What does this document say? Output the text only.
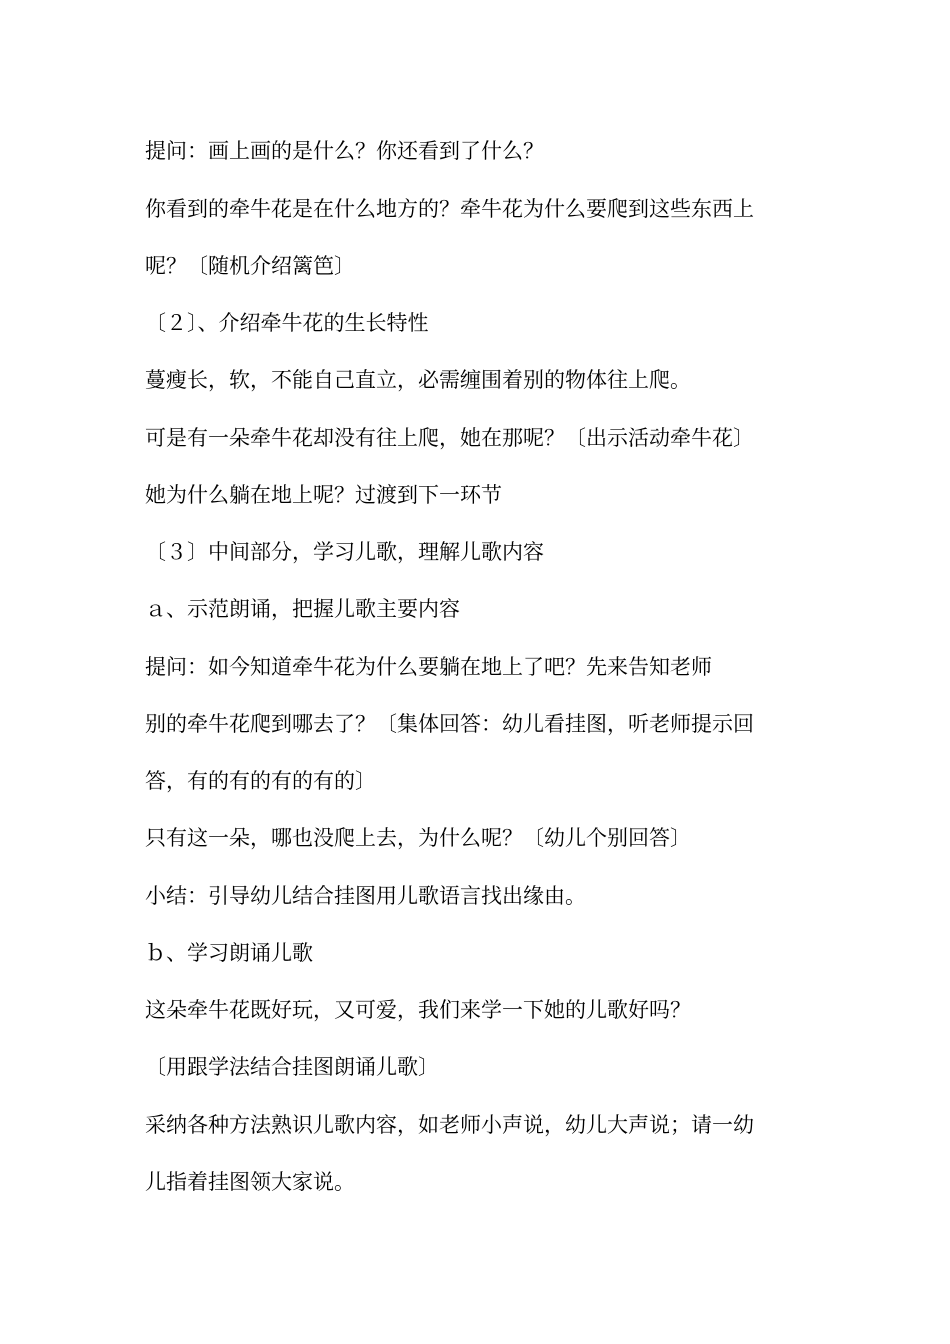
提问：画上画的是什么？你还看到了什么？
你看到的牵牛花是在什么地方的？牵牛花为什么要爬到这些东西上
呢？〔随机介绍篱笆〕
〔２〕、介绍牵牛花的生长特性
蔓瘦长，软，不能自己直立，必需缠围着别的物体往上爬。
可是有一朵牵牛花却没有往上爬，她在那呢？〔出示活动牵牛花〕
她为什么躺在地上呢？过渡到下一环节
〔３〕中间部分，学习儿歌，理解儿歌内容
ａ、示范朗诵，把握儿歌主要内容
提问：如今知道牵牛花为什么要躺在地上了吧？先来告知老师
别的牵牛花爬到哪去了？〔集体回答：幼儿看挂图，听老师提示回
答，有的有的有的有的〕
只有这一朵，哪也没爬上去，为什么呢？〔幼儿个别回答〕
小结：引导幼儿结合挂图用儿歌语言找出缘由。
ｂ、学习朗诵儿歌
这朵牵牛花既好玩，又可爱，我们来学一下她的儿歌好吗？
〔用跟学法结合挂图朗诵儿歌〕
采纳各种方法熟识儿歌内容，如老师小声说，幼儿大声说；请一幼
儿指着挂图领大家说。
